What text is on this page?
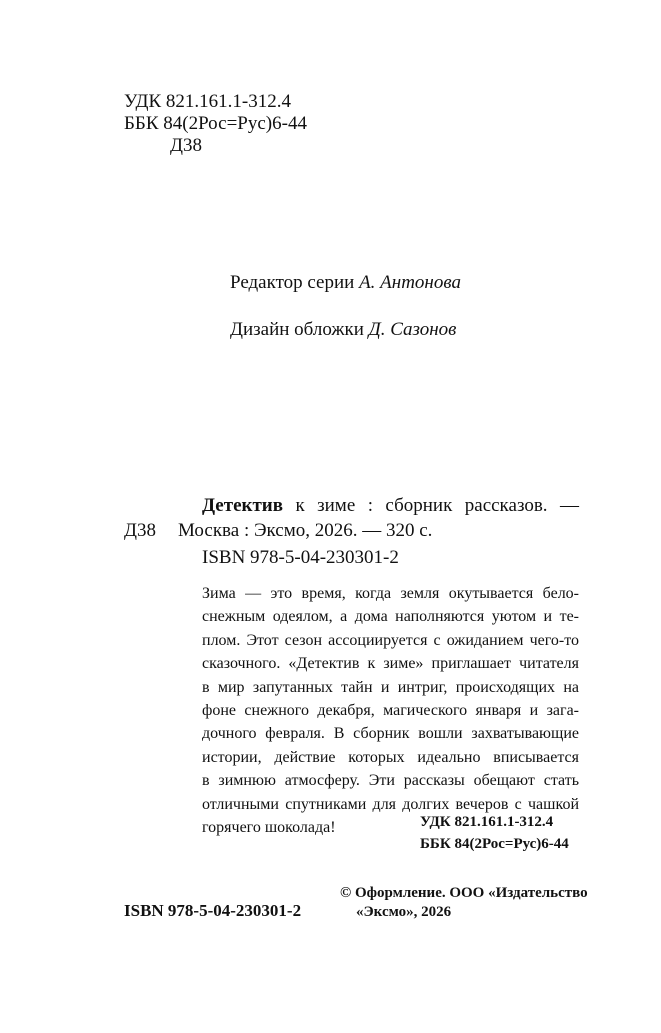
УДК 821.161.1-312.4
ББК 84(2Рос=Рус)6-44
Д38
Редактор серии А. Антонова
Дизайн обложки Д. Сазонов
Детектив к зиме : сборник рассказов. —
Д38 Москва : Эксмо, 2026. — 320 с.
ISBN 978-5-04-230301-2
Зима — это время, когда земля окутывается бело-
снежным одеялом, а дома наполняются уютом и те-
плом. Этот сезон ассоциируется с ожиданием чего-то
сказочного. «Детектив к зиме» приглашает читателя
в мир запутанных тайн и интриг, происходящих на
фоне снежного декабря, магического января и зага-
дочного февраля. В сборник вошли захватывающие
истории, действие которых идеально вписывается
в зимнюю атмосферу. Эти рассказы обещают стать
отличными спутниками для долгих вечеров с чашкой
горячего шоколада!	УДК 821.161.1-312.4
ББК 84(2Рос=Рус)6-44
ISBN 978-5-04-230301-2
© Оформление. ООО «Издательство
«Эксмо», 2026
